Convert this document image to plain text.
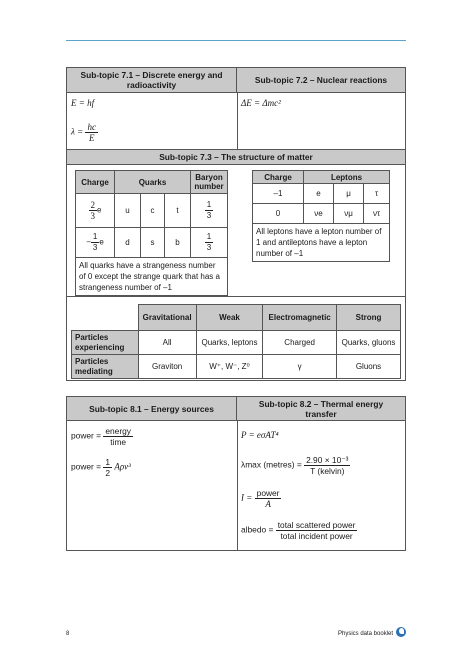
Sub-topic 7.1 – Discrete energy and radioactivity	Sub-topic 7.2 – Nuclear reactions
E = hf
$\lambda = \frac{hc}{E}$
ΔE = Δmc²
Sub-topic 7.3 – The structure of matter
Charge	Quarks			Baryon number

$\frac{2}{3}$ e	u	c	t	$\frac{1}{3}$

− $\frac{1}{3}$ e	d	s	b	$\frac{1}{3}$

All quarks have a strangeness number of 0 except the strange quark that has a strangeness number of –1				
Charge	Leptons		
–1	e	μ	τ
0	νe	νμ	ντ
All leptons have a lepton number of 1 and antileptons have a lepton number of –1			
	Gravitational	Weak	Electromagnetic	Strong
Particles experiencing	All	Quarks, leptons	Charged	Quarks, gluons
Particles mediating	Graviton	W⁺, W⁻, Z⁰	γ	Gluons
Sub-topic 8.1 – Energy sources	Sub-topic 8.2 – Thermal energy transfer
power = $\frac{\text{energy}}{\text{time}}$
power = $\frac{1}{2} A\rho v^3$
P = eσAT⁴
λmax (metres) = $\frac{\text{2.90 × 10⁻³}}{\text{T (kelvin)}}$
$I = \frac{\text{power}}{A}$
albedo = $\frac{\text{total scattered power}}{\text{total incident power}}$
8	Physics data booklet
